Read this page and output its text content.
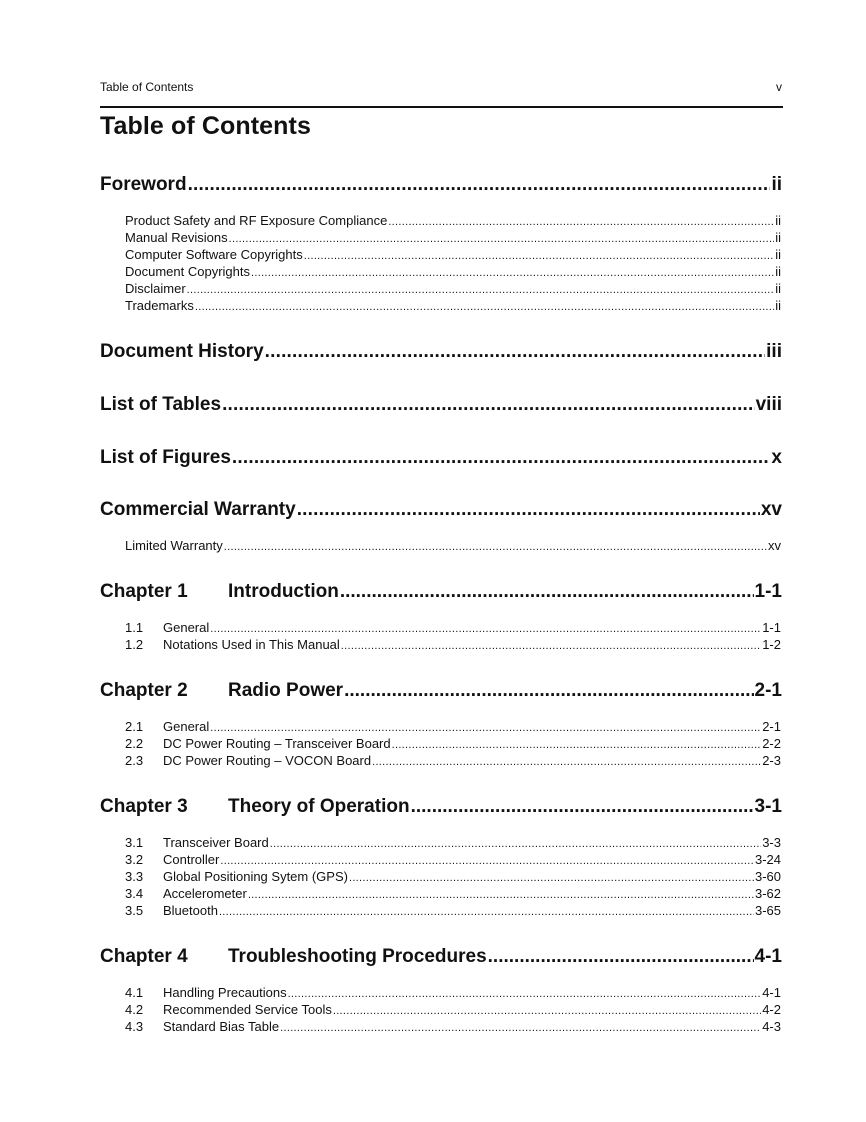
Table of Contents	v
Table of Contents
Foreword .....	ii
Product Safety and RF Exposure Compliance .....	ii
Manual Revisions .....	ii
Computer Software Copyrights .....	ii
Document Copyrights .....	ii
Disclaimer .....	ii
Trademarks .....	ii
Document History .....	iii
List of Tables .....	viii
List of Figures .....	x
Commercial Warranty .....	xv
Limited Warranty .....	xv
Chapter 1	Introduction .....	1-1
1.1	General .....	1-1
1.2	Notations Used in This Manual .....	1-2
Chapter 2	Radio Power .....	2-1
2.1	General .....	2-1
2.2	DC Power Routing – Transceiver Board .....	2-2
2.3	DC Power Routing – VOCON Board .....	2-3
Chapter 3	Theory of Operation .....	3-1
3.1	Transceiver Board .....	3-3
3.2	Controller .....	3-24
3.3	Global Positioning Sytem (GPS) .....	3-60
3.4	Accelerometer .....	3-62
3.5	Bluetooth .....	3-65
Chapter 4	Troubleshooting Procedures .....	4-1
4.1	Handling Precautions .....	4-1
4.2	Recommended Service Tools .....	4-2
4.3	Standard Bias Table .....	4-3
